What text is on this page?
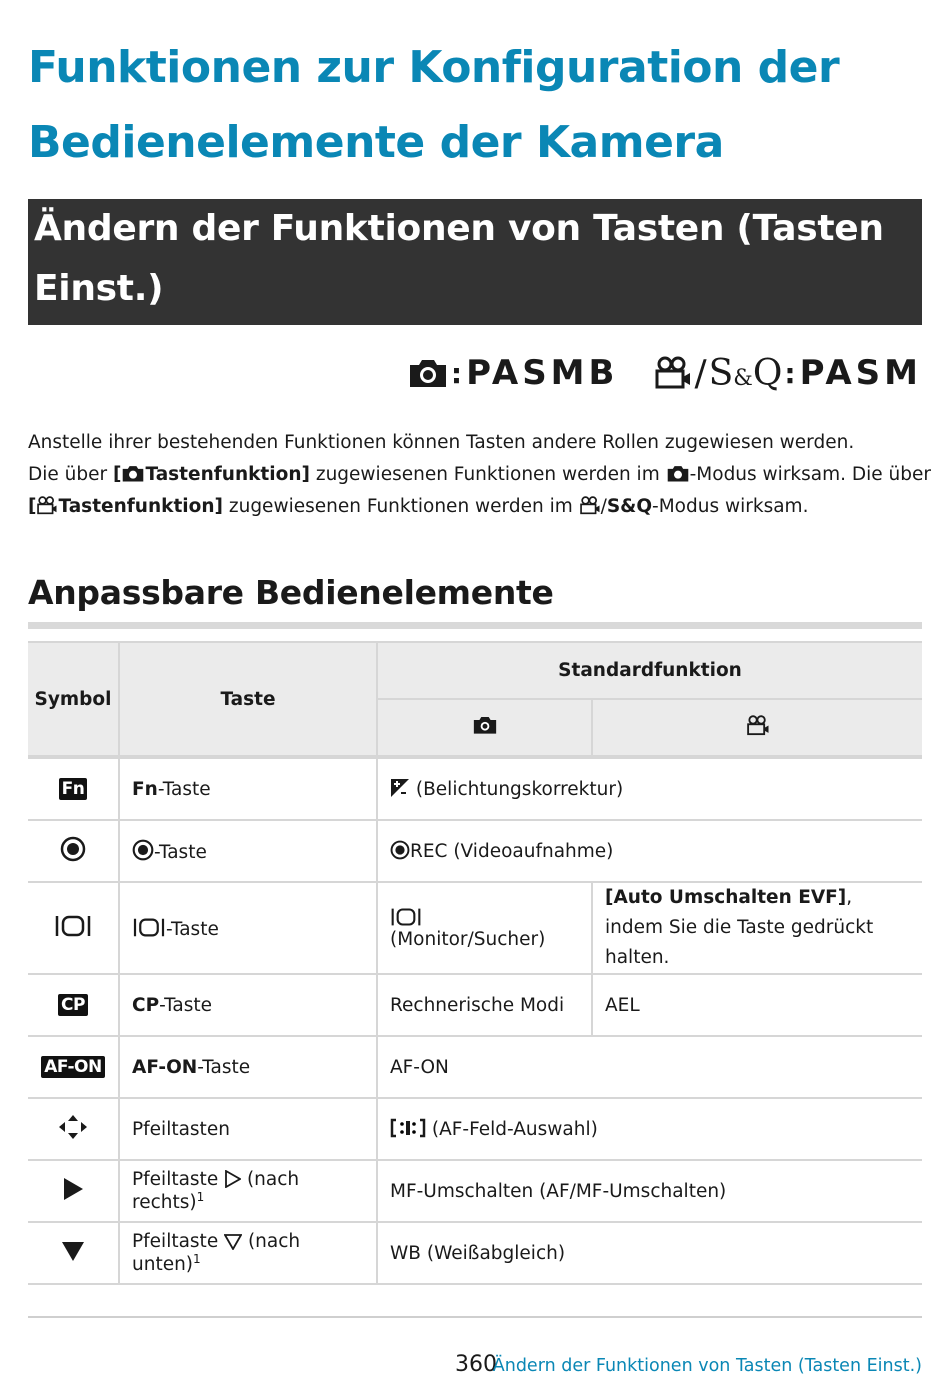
Funktionen zur Konfiguration der
Bedienelemente der Kamera
Ändern der Funktionen von Tasten (Tasten
Einst.)
: PASMB / S&Q : PASM

Anstelle ihrer bestehenden Funktionen können Tasten andere Rollen zugewiesen werden.

Die über [ Tastenfunktion] zugewiesenen Funktionen werden im -Modus wirksam. Die über

[ Tastenfunktion] zugewiesenen Funktionen werden im /S&Q-Modus wirksam.

Anpassbare Bedienelemente
Symbol	Taste	Standardfunktion	

Fn	Fn-Taste	(Belichtungskorrektur)	
	-Taste	REC (Videoaufnahme)	
	-Taste	(Monitor/Sucher)	[Auto Umschalten EVF], indem Sie die Taste gedrückt halten.
CP	CP-Taste	Rechnerische Modi	AEL
AF-ON	AF-ON-Taste	AF-ON	
	Pfeiltasten	(AF-Feld-Auswahl)	
	Pfeiltaste  (nach rechts)$^1$	MF-Umschalten (AF/MF-Umschalten)	
	Pfeiltaste  (nach unten)$^1$	WB (Weißabgleich)	
360
Ändern der Funktionen von Tasten (Tasten Einst.)
